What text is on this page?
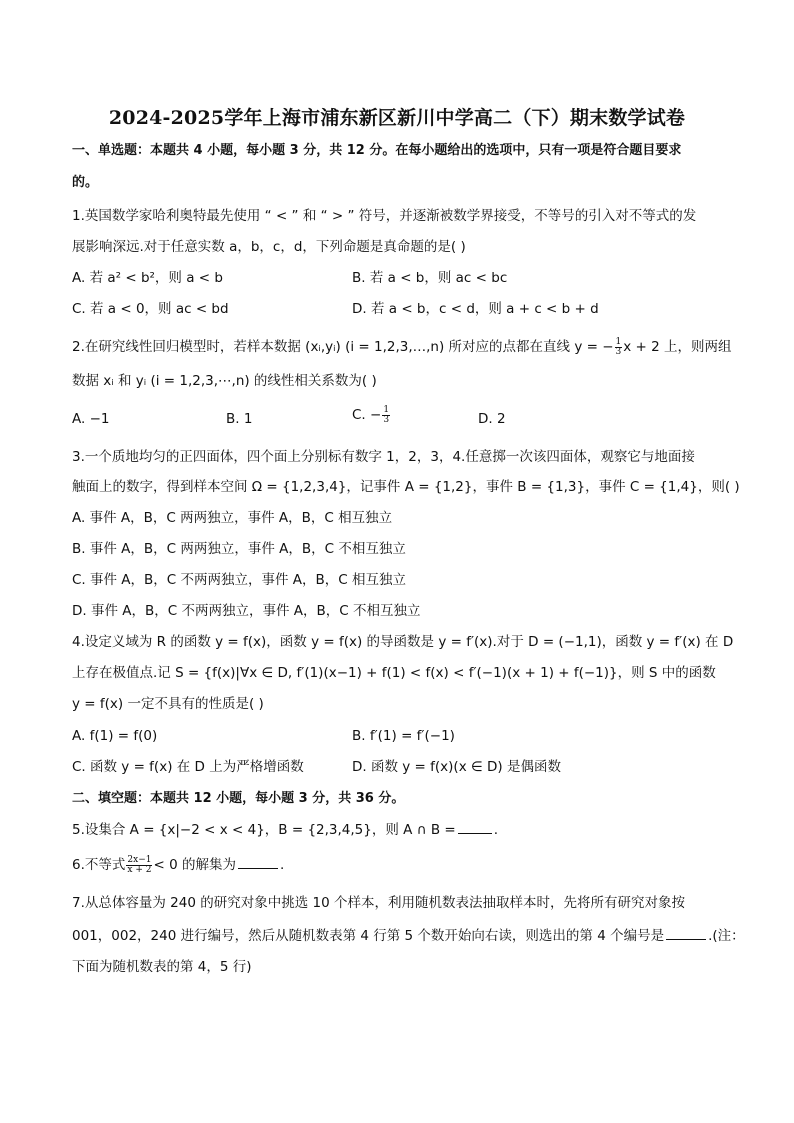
2024-2025学年上海市浦东新区新川中学高二（下）期末数学试卷
一、单选题：本题共 4 小题，每小题 3 分，共 12 分。在每小题给出的选项中，只有一项是符合题目要求
的。
1.英国数学家哈利奥特最先使用 “ < ” 和 “ > ” 符号，并逐渐被数学界接受，不等号的引入对不等式的发
展影响深远.对于任意实数 a，b，c，d，下列命题是真命题的是( )
A. 若 a² < b²，则 a < b	B. 若 a < b，则 ac < bc
C. 若 a < 0，则 ac < bd	D. 若 a < b，c < d，则 a + c < b + d
2.在研究线性回归模型时，若样本数据 (xᵢ,yᵢ) (i = 1,2,3,…,n) 所对应的点都在直线 y = − $\frac{1}{3}$ x + 2 上，则两组
数据 xᵢ 和 yᵢ (i = 1,2,3,⋯,n) 的线性相关系数为( )
A. −1	B. 1	C. − $\frac{1}{3}$	D. 2
3.一个质地均匀的正四面体，四个面上分别标有数字 1，2，3，4.任意掷一次该四面体，观察它与地面接
触面上的数字，得到样本空间 Ω = {1,2,3,4}，记事件 A = {1,2}，事件 B = {1,3}，事件 C = {1,4}，则( )
A. 事件 A，B，C 两两独立，事件 A，B，C 相互独立
B. 事件 A，B，C 两两独立，事件 A，B，C 不相互独立
C. 事件 A，B，C 不两两独立，事件 A，B，C 相互独立
D. 事件 A，B，C 不两两独立，事件 A，B，C 不相互独立
4.设定义域为 R 的函数 y = f(x)，函数 y = f(x) 的导函数是 y = f′(x).对于 D = (−1,1)，函数 y = f′(x) 在 D
上存在极值点.记 S = {f(x)|∀x ∈ D, f′(1)(x−1) + f(1) < f(x) < f′(−1)(x + 1) + f(−1)}，则 S 中的函数
y = f(x) 一定不具有的性质是( )
A. f(1) = f(0)	B. f′(1) = f′(−1)
C. 函数 y = f(x) 在 D 上为严格增函数	D. 函数 y = f(x)(x ∈ D) 是偶函数
二、填空题：本题共 12 小题，每小题 3 分，共 36 分。
5.设集合 A = {x|−2 < x < 4}，B = {2,3,4,5}，则 A ∩ B =	.
6.不等式 $\frac{2x-1}{x + 2} < 0$ 的解集为	.
7.从总体容量为 240 的研究对象中挑选 10 个样本，利用随机数表法抽取样本时，先将所有研究对象按
001，002，240 进行编号，然后从随机数表第 4 行第 5 个数开始向右读，则选出的第 4 个编号是	.(注：
下面为随机数表的第 4，5 行)
